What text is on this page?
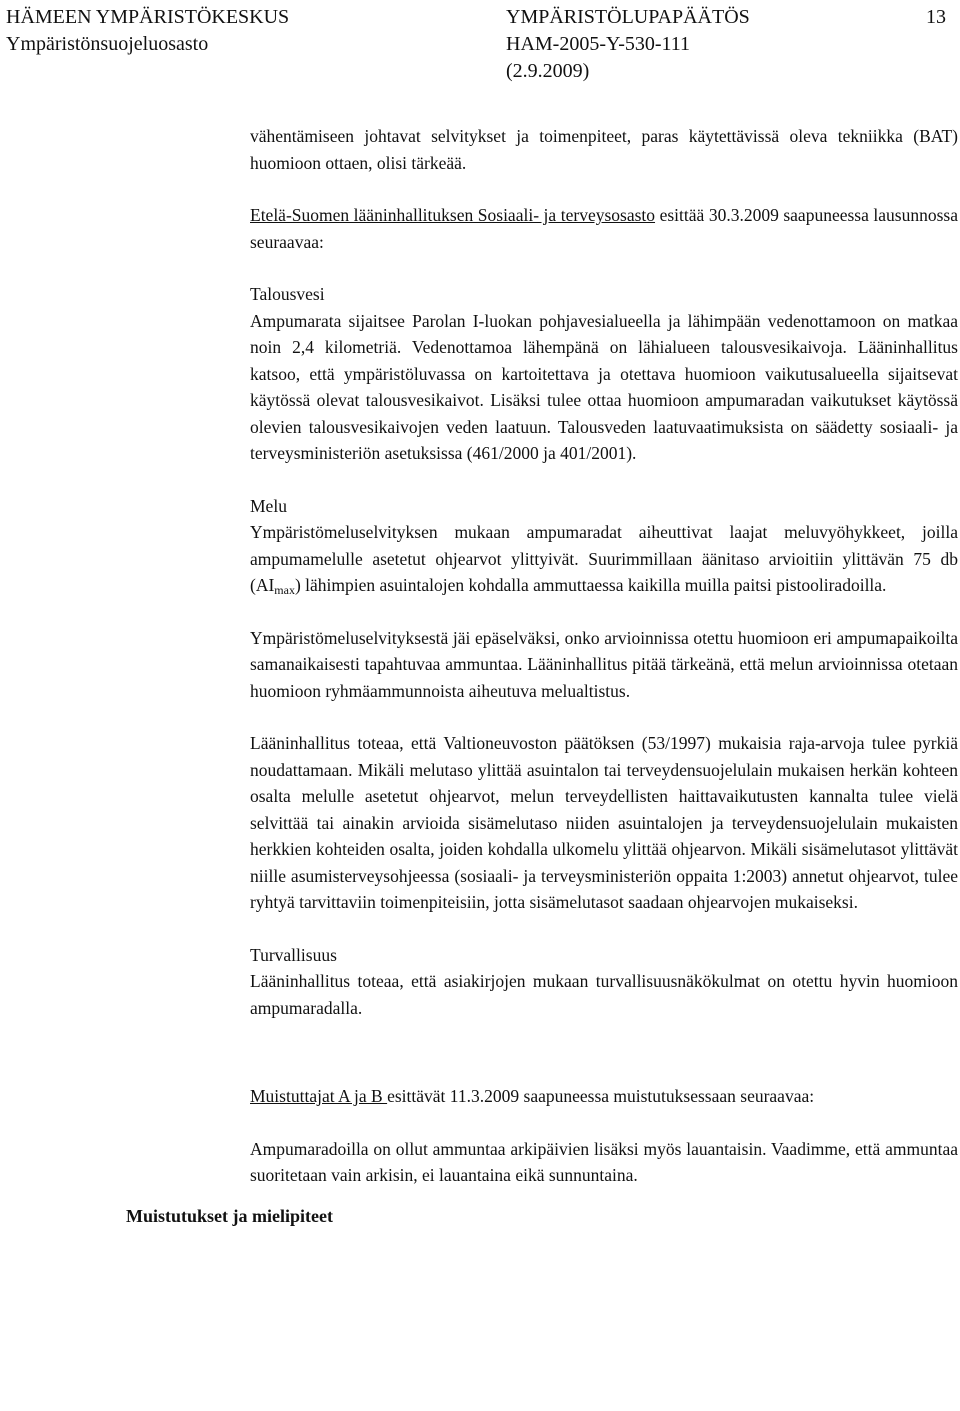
HÄMEEN YMPÄRISTÖKESKUS
Ympäristönsuojeluosasto
YMPÄRISTÖLUPAPÄÄTÖS
HAM-2005-Y-530-111
(2.9.2009)
13

vähentämiseen johtavat selvitykset ja toimenpiteet, paras käytettävissä oleva tekniikka (BAT) huomioon ottaen, olisi tärkeää.

Etelä-Suomen lääninhallituksen Sosiaali- ja terveysosasto esittää 30.3.2009 saapuneessa lausunnossa seuraavaa:

Talousvesi

Ampumarata sijaitsee Parolan I-luokan pohjavesialueella ja lähimpään vedenottamoon on matkaa noin 2,4 kilometriä. Vedenottamoa lähempänä on lähialueen talousvesikaivoja. Lääninhallitus katsoo, että ympäristöluvassa on kartoitettava ja otettava huomioon vaikutusalueella sijaitsevat käytössä olevat talousvesikaivot. Lisäksi tulee ottaa huomioon ampumaradan vaikutukset käytössä olevien talousvesikaivojen veden laatuun. Talousveden laatuvaatimuksista on säädetty sosiaali- ja terveysministeriön asetuksissa (461/2000 ja 401/2001).

Melu

Ympäristömeluselvityksen mukaan ampumaradat aiheuttivat laajat meluvyöhykkeet, joilla ampumamelulle asetetut ohjearvot ylittyivät. Suurimmillaan äänitaso arvioitiin ylittävän 75 db $(AI_{max})$ lähimpien asuintalojen kohdalla ammuttaessa kaikilla muilla paitsi pistooliradoilla.

Ympäristömeluselvityksestä jäi epäselväksi, onko arvioinnissa otettu huomioon eri ampumapaikoilta samanaikaisesti tapahtuvaa ammuntaa. Lääninhallitus pitää tärkeänä, että melun arvioinnissa otetaan huomioon ryhmäammunnoista aiheutuva melualtistus.

Lääninhallitus toteaa, että Valtioneuvoston päätöksen (53/1997) mukaisia raja-arvoja tulee pyrkiä noudattamaan. Mikäli melutaso ylittää asuintalon tai terveydensuojelulain mukaisen herkän kohteen osalta melulle asetetut ohjearvot, melun terveydellisten haittavaikutusten kannalta tulee vielä selvittää tai ainakin arvioida sisämelutaso niiden asuintalojen ja terveydensuojelulain mukaisten herkkien kohteiden osalta, joiden kohdalla ulkomelu ylittää ohjearvon. Mikäli sisämelutasot ylittävät niille asumisterveysohjeessa (sosiaali- ja terveysministeriön oppaita 1:2003) annetut ohjearvot, tulee ryhtyä tarvittaviin toimenpiteisiin, jotta sisämelutasot saadaan ohjearvojen mukaiseksi.

Turvallisuus

Lääninhallitus toteaa, että asiakirjojen mukaan turvallisuusnäkökulmat on otettu hyvin huomioon ampumaradalla.

Muistuttajat A ja B esittävät 11.3.2009 saapuneessa muistutuksessaan seuraavaa:

Ampumaradoilla on ollut ammuntaa arkipäivien lisäksi myös lauantaisin. Vaadimme, että ammuntaa suoritetaan vain arkisin, ei lauantaina eikä sunnuntaina.

Muistutukset ja mielipiteet
